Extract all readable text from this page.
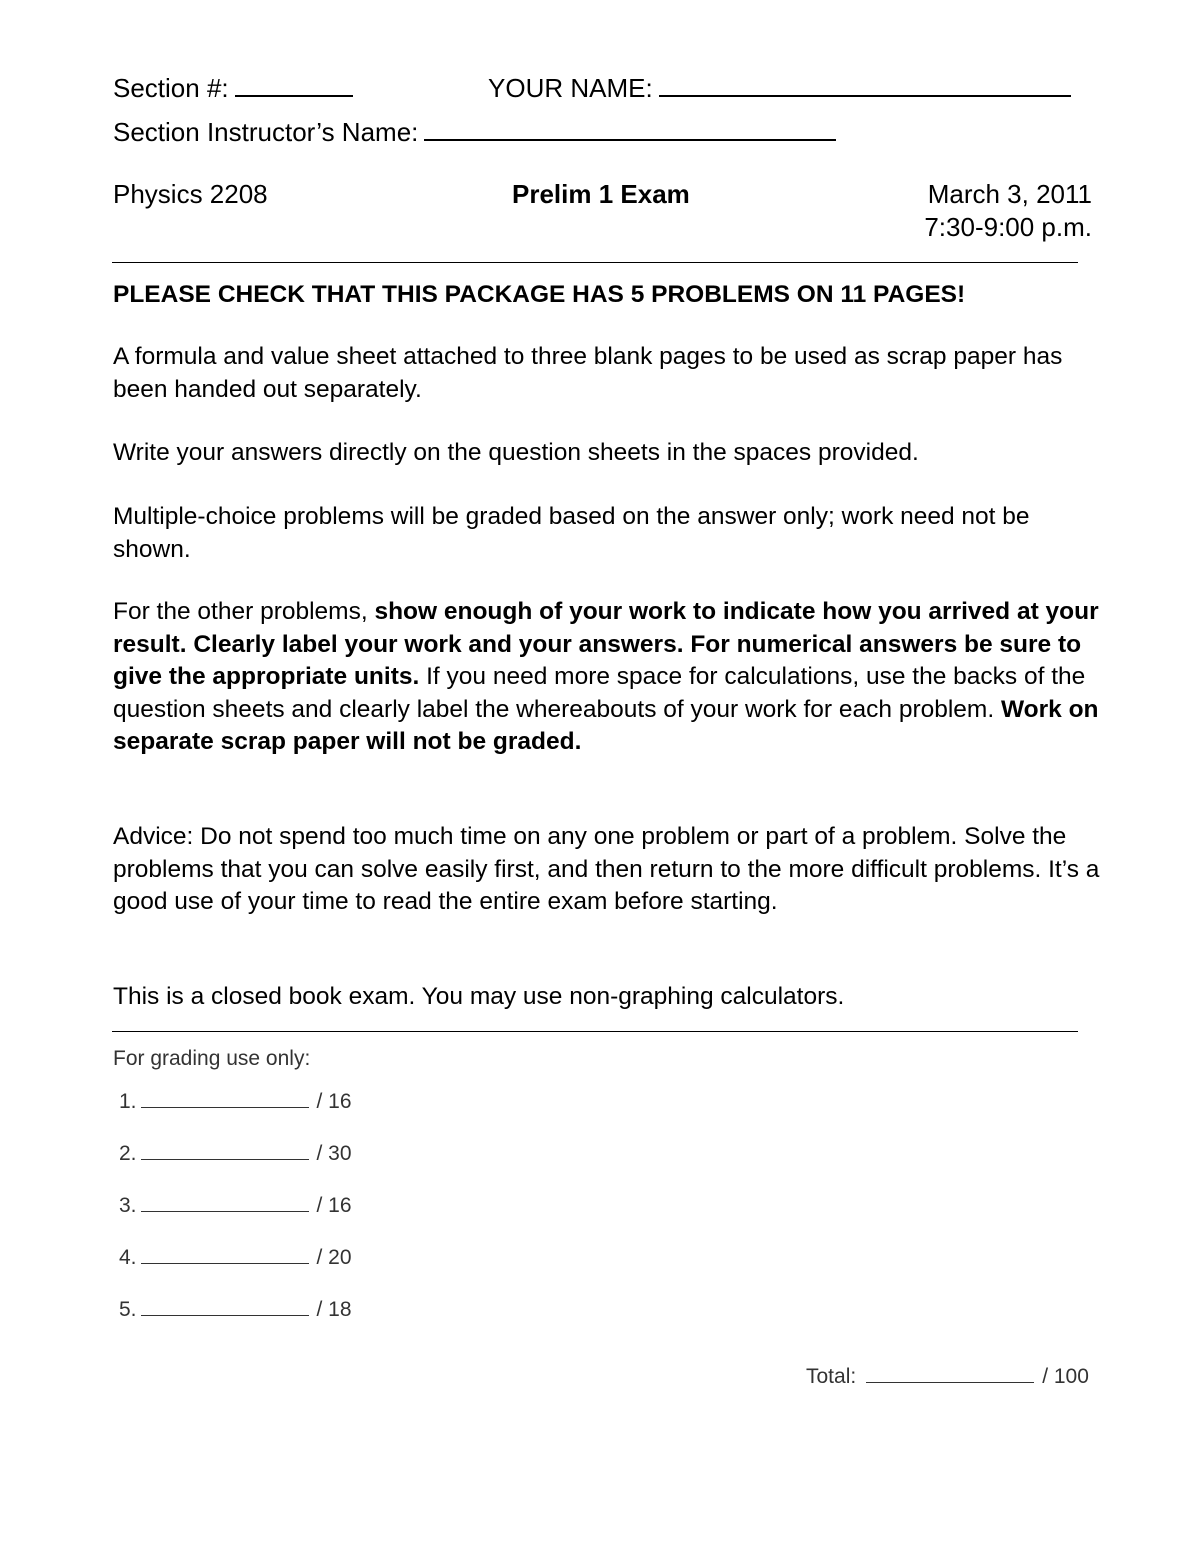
Section #:	YOUR NAME:
Section Instructor’s Name:
Physics 2208	Prelim 1 Exam	March 3, 2011
7:30-9:00 p.m.
PLEASE CHECK THAT THIS PACKAGE HAS 5 PROBLEMS ON 11 PAGES!
A formula and value sheet attached to three blank pages to be used as scrap paper has been handed out separately.
Write your answers directly on the question sheets in the spaces provided.
Multiple-choice problems will be graded based on the answer only; work need not be shown.
For the other problems, show enough of your work to indicate how you arrived at your result. Clearly label your work and your answers. For numerical answers be sure to give the appropriate units. If you need more space for calculations, use the backs of the question sheets and clearly label the whereabouts of your work for each problem. Work on separate scrap paper will not be graded.
Advice: Do not spend too much time on any one problem or part of a problem. Solve the problems that you can solve easily first, and then return to the more difficult problems. It’s a good use of your time to read the entire exam before starting.
This is a closed book exam. You may use non-graphing calculators.
For grading use only:
1.	/ 16
2.	/ 30
3.	/ 16
4.	/ 20
5.	/ 18
Total:	/ 100
